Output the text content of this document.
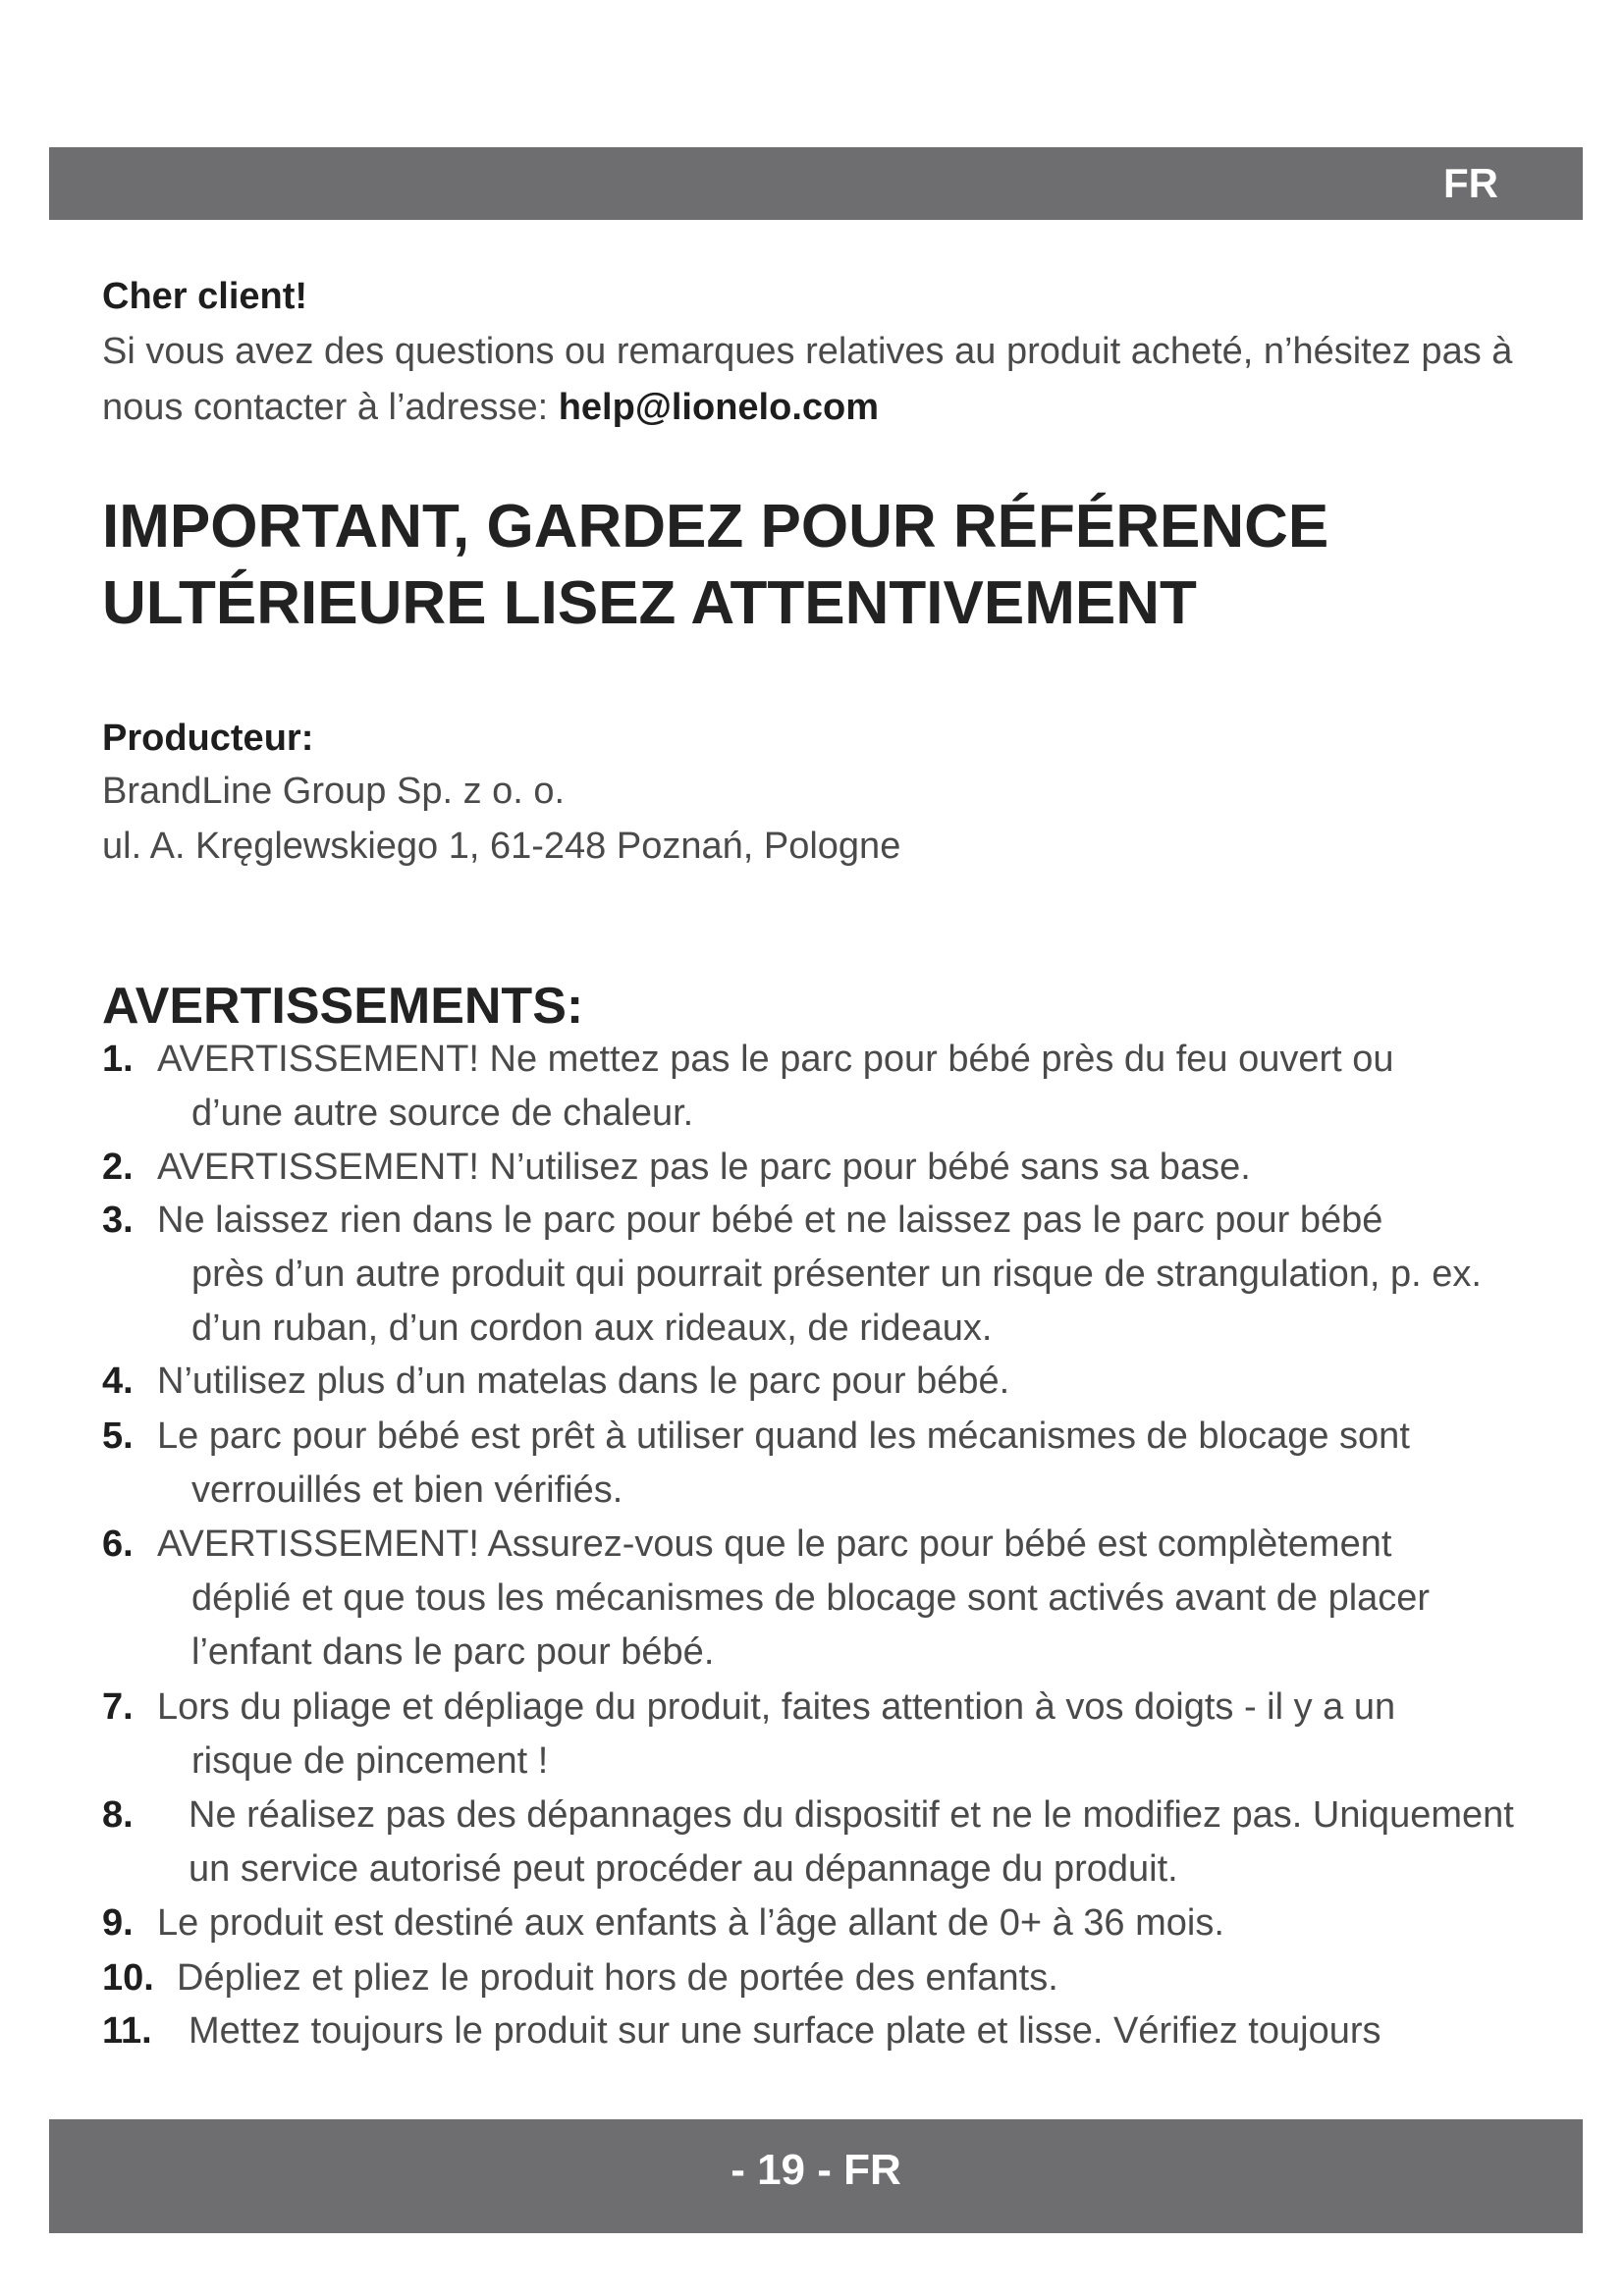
FR
Cher client!
Si vous avez des questions ou remarques relatives au produit acheté, n’hésitez pas à nous contacter à l’adresse: help@lionelo.com
IMPORTANT, GARDEZ POUR RÉFÉRENCE
ULTÉRIEURE LISEZ ATTENTIVEMENT
Producteur:
BrandLine Group Sp. z o. o.
ul. A. Kręglewskiego 1, 61-248 Poznań, Pologne
AVERTISSEMENTS:
1. AVERTISSEMENT! Ne mettez pas le parc pour bébé près du feu ouvert ou
d’une autre source de chaleur.
2. AVERTISSEMENT! N’utilisez pas le parc pour bébé sans sa base.
3. Ne laissez rien dans le parc pour bébé et ne laissez pas le parc pour bébé
près d’un autre produit qui pourrait présenter un risque de strangulation, p. ex. d’un ruban, d’un cordon aux rideaux, de rideaux.
4. N’utilisez plus d’un matelas dans le parc pour bébé.
5. Le parc pour bébé est prêt à utiliser quand les mécanismes de blocage sont
verrouillés et bien vérifiés.
6. AVERTISSEMENT! Assurez-vous que le parc pour bébé est complètement
déplié et que tous les mécanismes de blocage sont activés avant de placer l’enfant dans le parc pour bébé.
7. Lors du pliage et dépliage du produit, faites attention à vos doigts - il y a un
risque de pincement !
8.	Ne réalisez pas des dépannages du dispositif et ne le modifiez pas. Uniquement
un service autorisé peut procéder au dépannage du produit.
9. Le produit est destiné aux enfants à l’âge allant de 0+ à 36 mois.
10. Dépliez et pliez le produit hors de portée des enfants.
11. Mettez toujours le produit sur une surface plate et lisse. Vérifiez toujours
- 19 - FR
